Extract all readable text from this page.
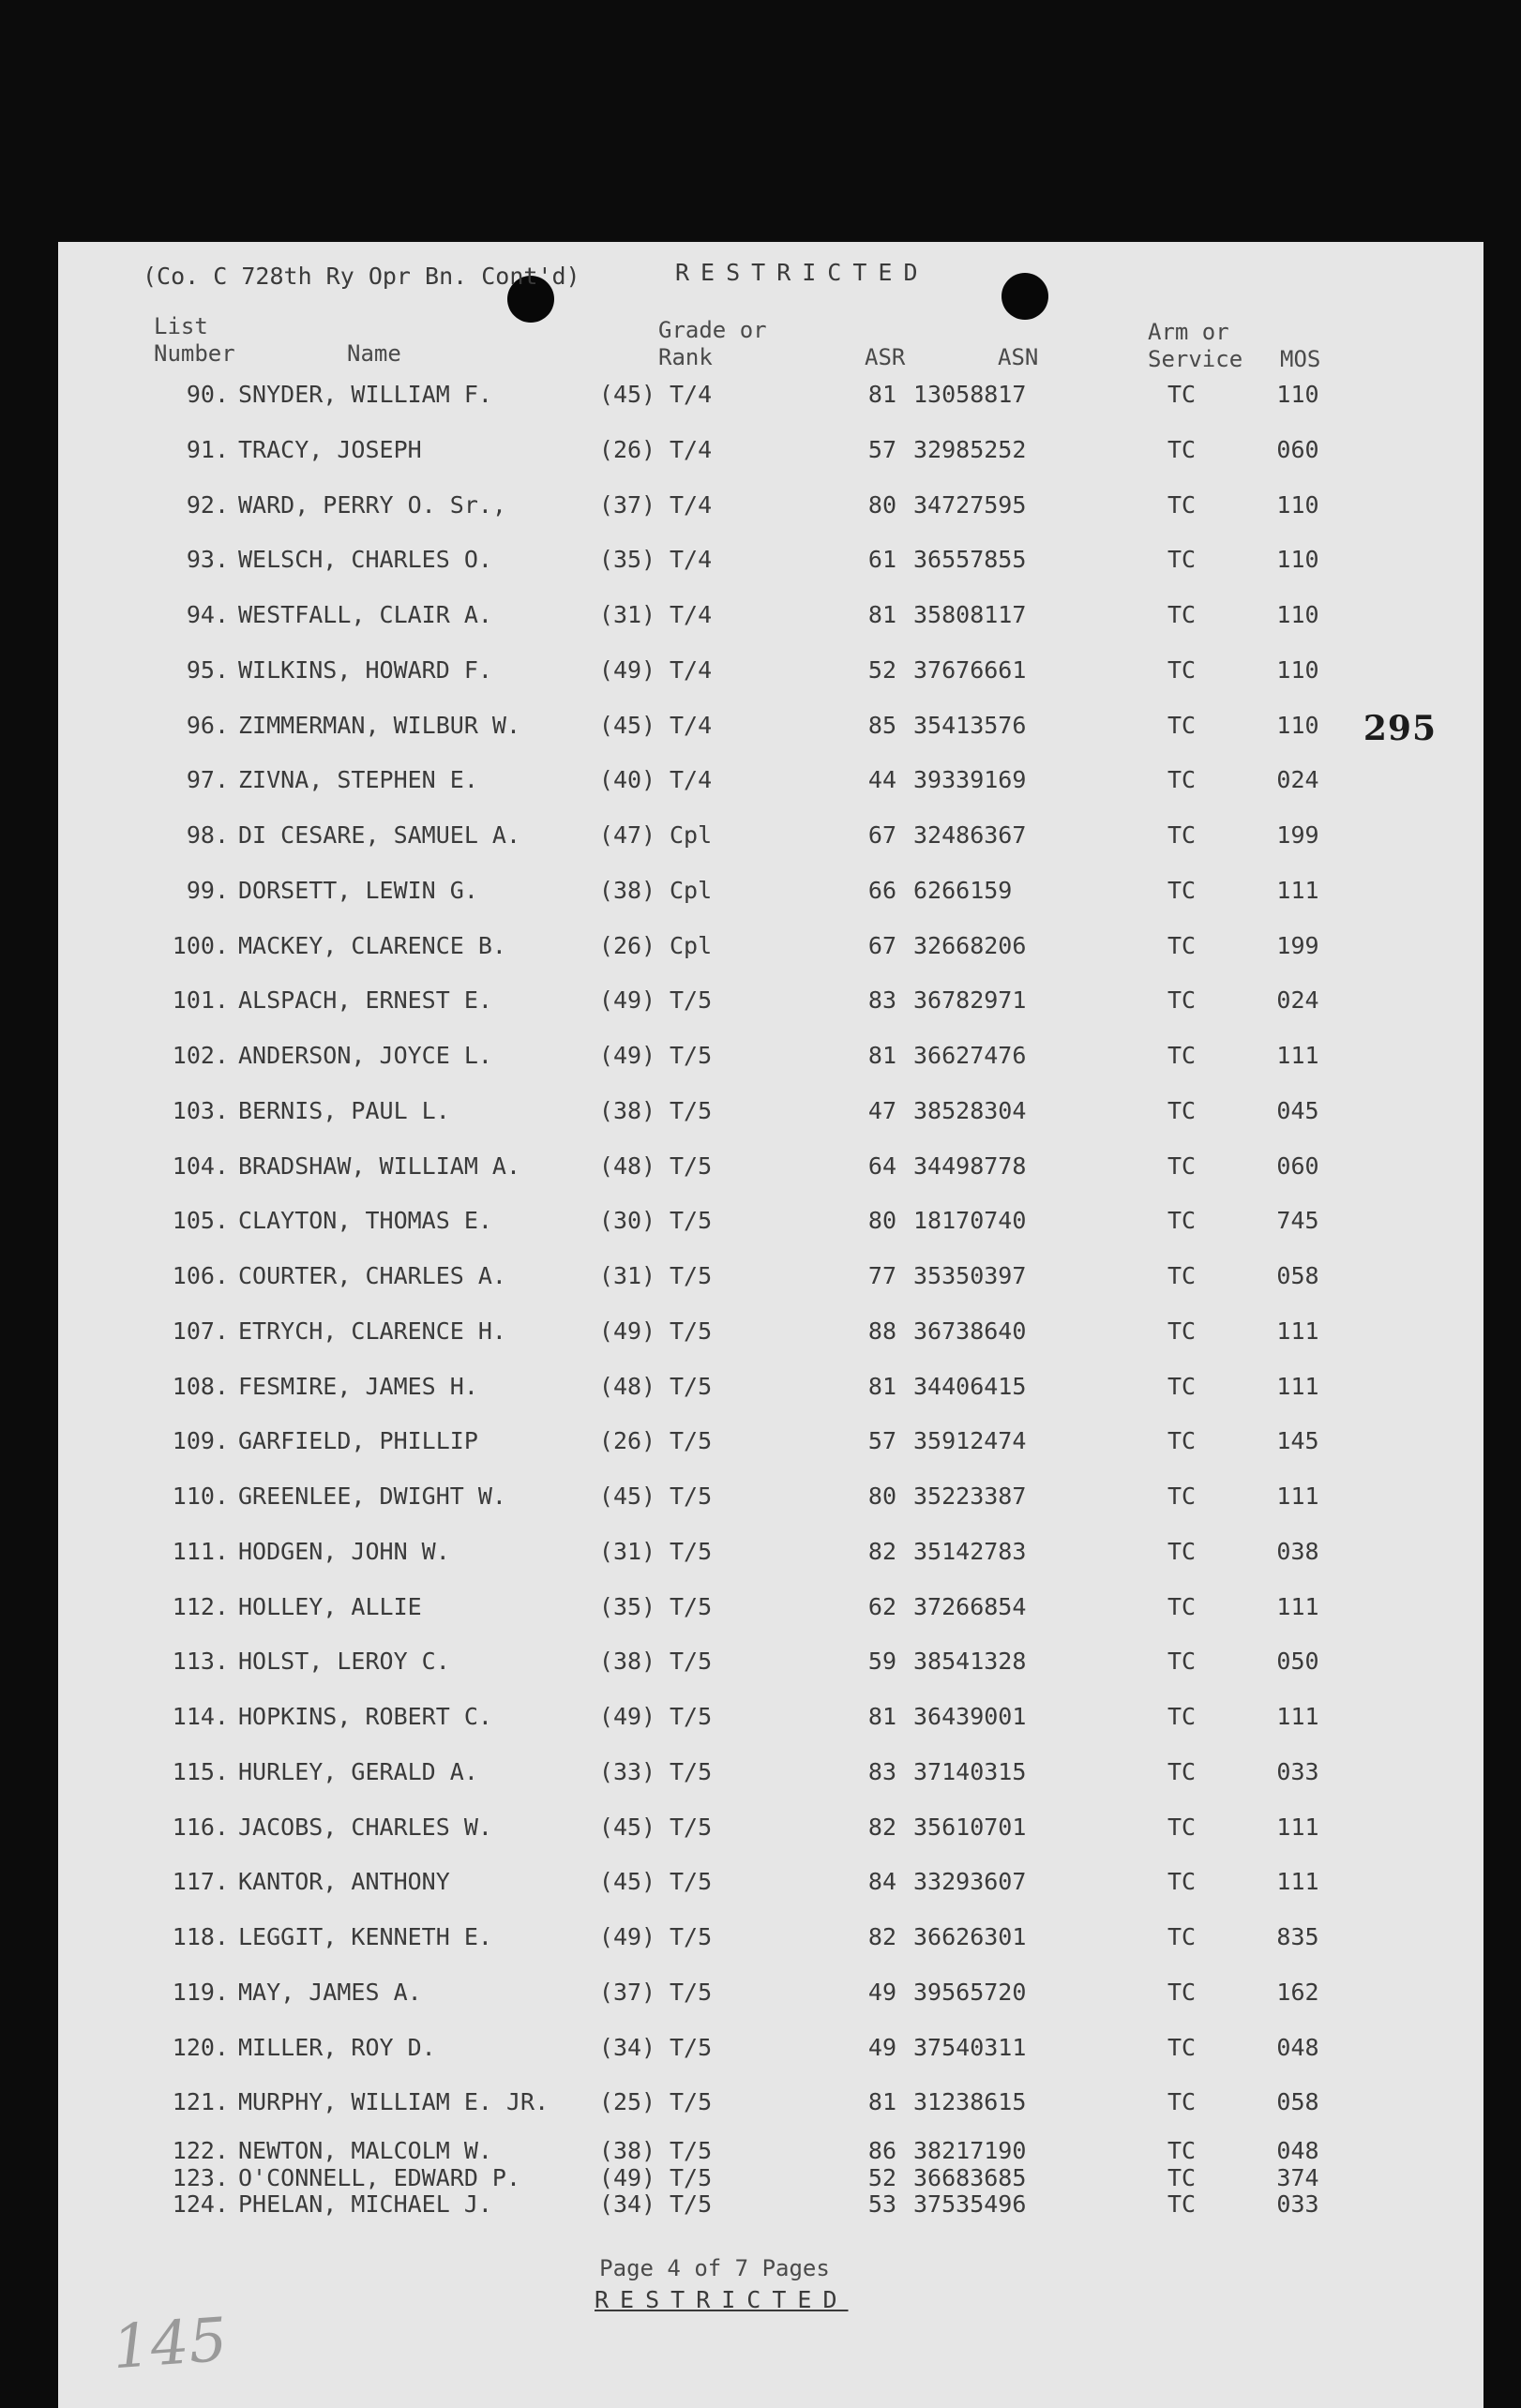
(Co. C 728th Ry Opr Bn. Cont'd)	RESTRICTED
295
List
Number	Name
Grade or
Rank	ASR	ASN
Arm or
Service MOS
90. SNYDER, WILLIAM F.	(45) T/4	81 13058817	TC	110
91. TRACY, JOSEPH	(26) T/4	57 32985252	TC	060
92. WARD, PERRY O. Sr.,	(37) T/4	80 34727595	TC	110
93. WELSCH, CHARLES O.	(35) T/4	61 36557855	TC	110
94. WESTFALL, CLAIR A.	(31) T/4	81 35808117	TC	110
95. WILKINS, HOWARD F.	(49) T/4	52 37676661	TC	110
96. ZIMMERMAN, WILBUR W.	(45) T/4	85 35413576	TC	110
97. ZIVNA, STEPHEN E.	(40) T/4	44 39339169	TC	024
98. DI CESARE, SAMUEL A.	(47) Cpl	67 32486367	TC	199
99. DORSETT, LEWIN G.	(38) Cpl	66 6266159	TC	111
100. MACKEY, CLARENCE B.	(26) Cpl	67 32668206	TC	199
101. ALSPACH, ERNEST E.	(49) T/5	83 36782971	TC	024
102. ANDERSON, JOYCE L.	(49) T/5	81 36627476	TC	111
103. BERNIS, PAUL L.	(38) T/5	47 38528304	TC	045
104. BRADSHAW, WILLIAM A.	(48) T/5	64 34498778	TC	060
105. CLAYTON, THOMAS E.	(30) T/5	80 18170740	TC	745
106. COURTER, CHARLES A.	(31) T/5	77 35350397	TC	058
107. ETRYCH, CLARENCE H.	(49) T/5	88 36738640	TC	111
108. FESMIRE, JAMES H.	(48) T/5	81 34406415	TC	111
109. GARFIELD, PHILLIP	(26) T/5	57 35912474	TC	145
110. GREENLEE, DWIGHT W.	(45) T/5	80 35223387	TC	111
111. HODGEN, JOHN W.	(31) T/5	82 35142783	TC	038
112. HOLLEY, ALLIE	(35) T/5	62 37266854	TC	111
113. HOLST, LEROY C.	(38) T/5	59 38541328	TC	050
114. HOPKINS, ROBERT C.	(49) T/5	81 36439001	TC	111
115. HURLEY, GERALD A.	(33) T/5	83 37140315	TC	033
116. JACOBS, CHARLES W.	(45) T/5	82 35610701	TC	111
117. KANTOR, ANTHONY	(45) T/5	84 33293607	TC	111
118. LEGGIT, KENNETH E.	(49) T/5	82 36626301	TC	835
119. MAY, JAMES A.	(37) T/5	49 39565720	TC	162
120. MILLER, ROY D.	(34) T/5	49 37540311	TC	048
121. MURPHY, WILLIAM E. JR.	(25) T/5	81 31238615	TC	058
122. NEWTON, MALCOLM W.	(38) T/5	86 38217190	TC	048
123. O'CONNELL, EDWARD P.	(49) T/5	52 36683685	TC	374
124. PHELAN, MICHAEL J.	(34) T/5	53 37535496	TC	033
Page 4 of 7 Pages
RESTRICTED
145
